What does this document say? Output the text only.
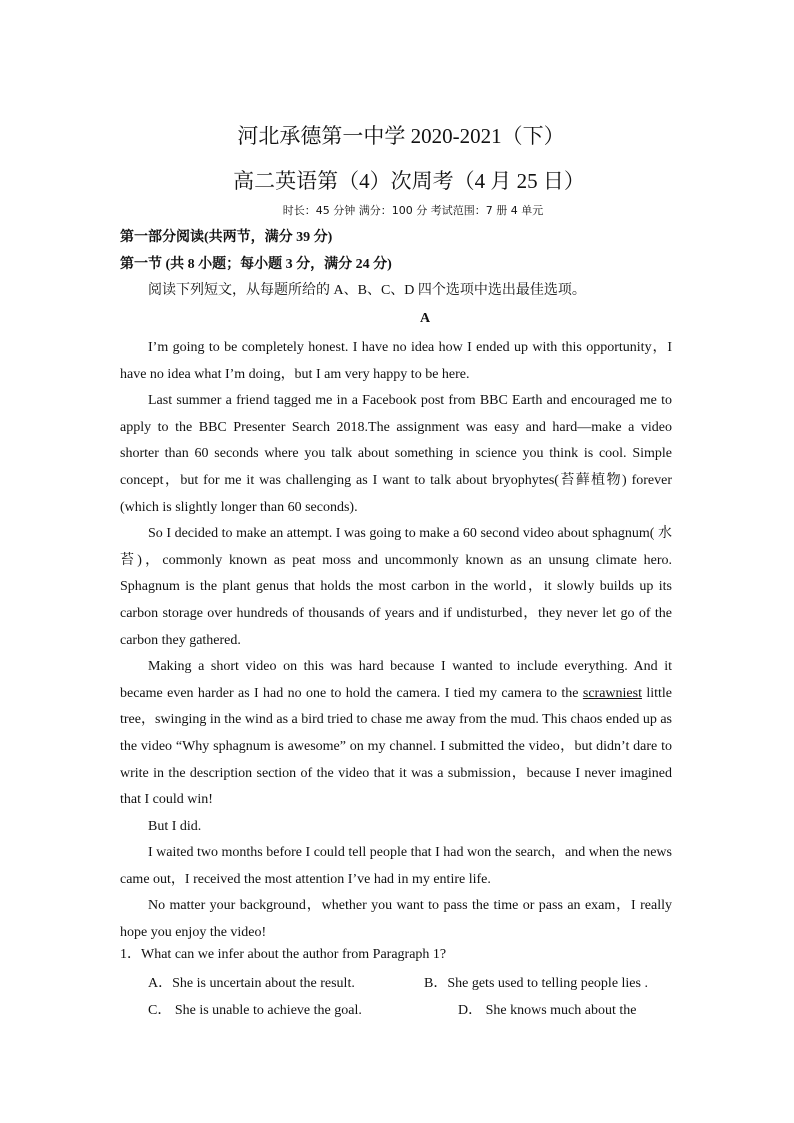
河北承德第一中学 2020-2021（下）
高二英语第（4）次周考（4 月 25 日）
时长：45 分钟 满分：100 分 考试范围：7 册 4 单元
第一部分阅读(共两节，满分 39 分)
第一节 (共 8 小题；每小题 3 分，满分 24 分)
阅读下列短文，从每题所给的 A、B、C、D 四个选项中选出最佳选项。
A

I’m going to be completely honest. I have no idea how I ended up with this opportunity，I have no idea what I’m doing，but I am very happy to be here.

Last summer a friend tagged me in a Facebook post from BBC Earth and encouraged me to apply to the BBC Presenter Search 2018.The assignment was easy and hard—make a video shorter than 60 seconds where you talk about something in science you think is cool. Simple concept，but for me it was challenging as I want to talk about bryophytes(苔藓植物) forever (which is slightly longer than 60 seconds).

So I decided to make an attempt. I was going to make a 60 second video about sphagnum( 水苔)，commonly known as peat moss and uncommonly known as an unsung climate hero. Sphagnum is the plant genus that holds the most carbon in the world，it slowly builds up its carbon storage over hundreds of thousands of years and if undisturbed，they never let go of the carbon they gathered.

Making a short video on this was hard because I wanted to include everything. And it became even harder as I had no one to hold the camera. I tied my camera to the scrawniest little tree，swinging in the wind as a bird tried to chase me away from the mud. This chaos ended up as the video “Why sphagnum is awesome” on my channel. I submitted the video，but didn’t dare to write in the description section of the video that it was a submission，because I never imagined that I could win!

But I did.

I waited two months before I could tell people that I had won the search，and when the news came out，I received the most attention I’ve had in my entire life.

No matter your background，whether you want to pass the time or pass an exam，I really hope you enjoy the video!

1．What can we infer about the author from Paragraph 1?
A．She is uncertain about the result.	B．She gets used to telling people lies .
C． She is unable to achieve the goal.	D． She knows much about the
